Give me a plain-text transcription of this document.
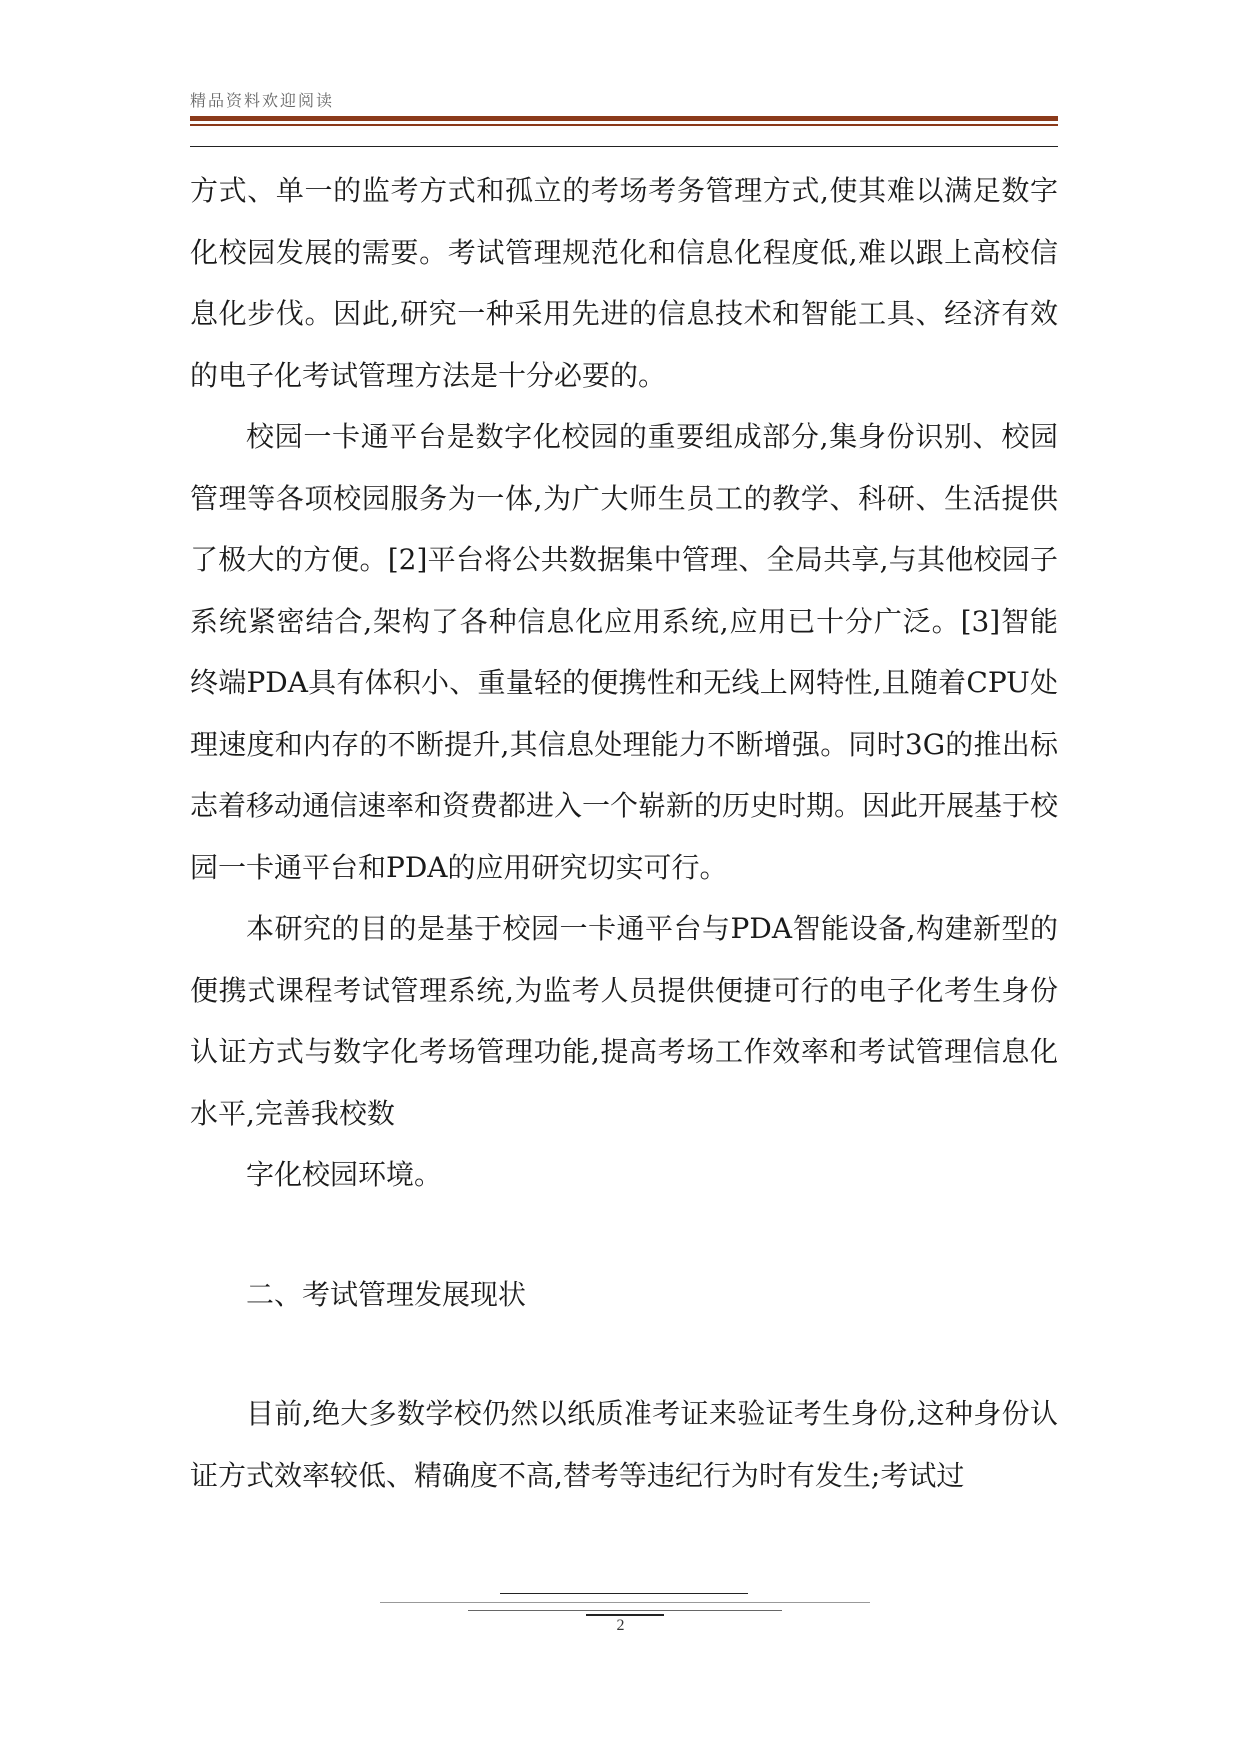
精品资料欢迎阅读

方式、单一的监考方式和孤立的考场考务管理方式,使其难以满足数字化校园发展的需要。考试管理规范化和信息化程度低,难以跟上高校信息化步伐。因此,研究一种采用先进的信息技术和智能工具、经济有效的电子化考试管理方法是十分必要的。

校园一卡通平台是数字化校园的重要组成部分,集身份识别、校园管理等各项校园服务为一体,为广大师生员工的教学、科研、生活提供了极大的方便。[2]平台将公共数据集中管理、全局共享,与其他校园子系统紧密结合,架构了各种信息化应用系统,应用已十分广泛。[3]智能终端PDA具有体积小、重量轻的便携性和无线上网特性,且随着CPU处理速度和内存的不断提升,其信息处理能力不断增强。同时3G的推出标志着移动通信速率和资费都进入一个崭新的历史时期。因此开展基于校园一卡通平台和PDA的应用研究切实可行。

本研究的目的是基于校园一卡通平台与PDA智能设备,构建新型的便携式课程考试管理系统,为监考人员提供便捷可行的电子化考生身份认证方式与数字化考场管理功能,提高考场工作效率和考试管理信息化水平,完善我校数

字化校园环境。

二、考试管理发展现状

目前,绝大多数学校仍然以纸质准考证来验证考生身份,这种身份认证方式效率较低、精确度不高,替考等违纪行为时有发生;考试过

2
